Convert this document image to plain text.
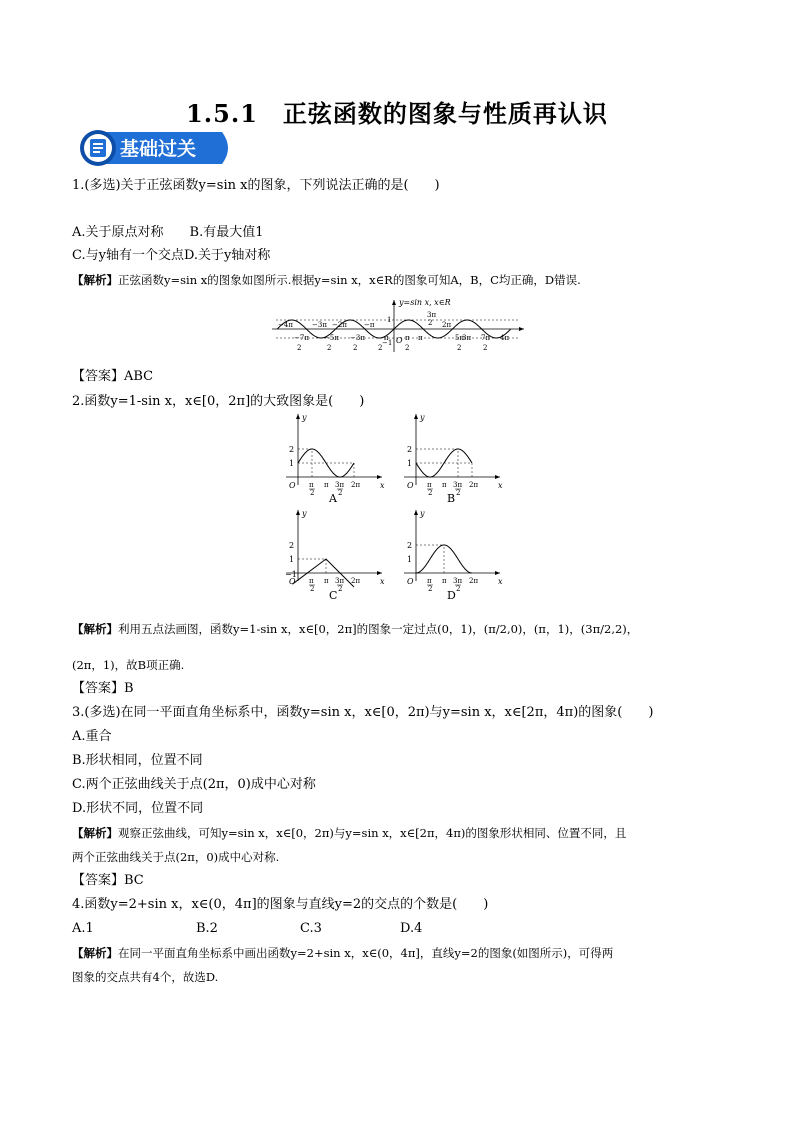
1.5.1　正弦函数的图象与性质再认识
基础过关
1.(多选)关于正弦函数y=sin x的图象，下列说法正确的是(　　)
A.关于原点对称　　B.有最大值1
C.与y轴有一个交点D.关于y轴对称
【解析】正弦函数y=sin x的图象如图所示.根据y=sin x，x∈R的图象可知A，B，C均正确，D错误.
y=sin x, x∈R
O
1
−1
−4π	−3π −2π −π
π
2π
3π	4π
−7π
2
−5π
2
−3π
2
−π
2
π
2
3π
2
5π
2
7π
2
【答案】ABC
2.函数y=1-sin x，x∈[0，2π]的大致图象是(　　)
y
x
O
2
1
π
2
π 3π
2
2π
y
x
O
2
1
π
2
π 3π
2
2π
y
x
O
2
1
π
2
π 3π
2
2π
−1
y
x
O
2
1
π
2
π 3π
2
2π
A	B
C	D
【解析】利用五点法画图，函数y=1-sin x，x∈[0，2π]的图象一定过点(0，1)，(π/2,0)，(π，1)，(3π/2,2)，
(2π，1)，故B项正确.
【答案】B
3.(多选)在同一平面直角坐标系中，函数y=sin x，x∈[0，2π)与y=sin x，x∈[2π，4π)的图象(　　)
A.重合
B.形状相同，位置不同
C.两个正弦曲线关于点(2π，0)成中心对称
D.形状不同，位置不同
【解析】观察正弦曲线，可知y=sin x，x∈[0，2π)与y=sin x，x∈[2π，4π)的图象形状相同、位置不同，且
两个正弦曲线关于点(2π，0)成中心对称.
【答案】BC
4.函数y=2+sin x，x∈(0，4π]的图象与直线y=2的交点的个数是(　　)
A.1	B.2	C.3	D.4
【解析】在同一平面直角坐标系中画出函数y=2+sin x，x∈(0，4π]，直线y=2的图象(如图所示)，可得两
图象的交点共有4个，故选D.
